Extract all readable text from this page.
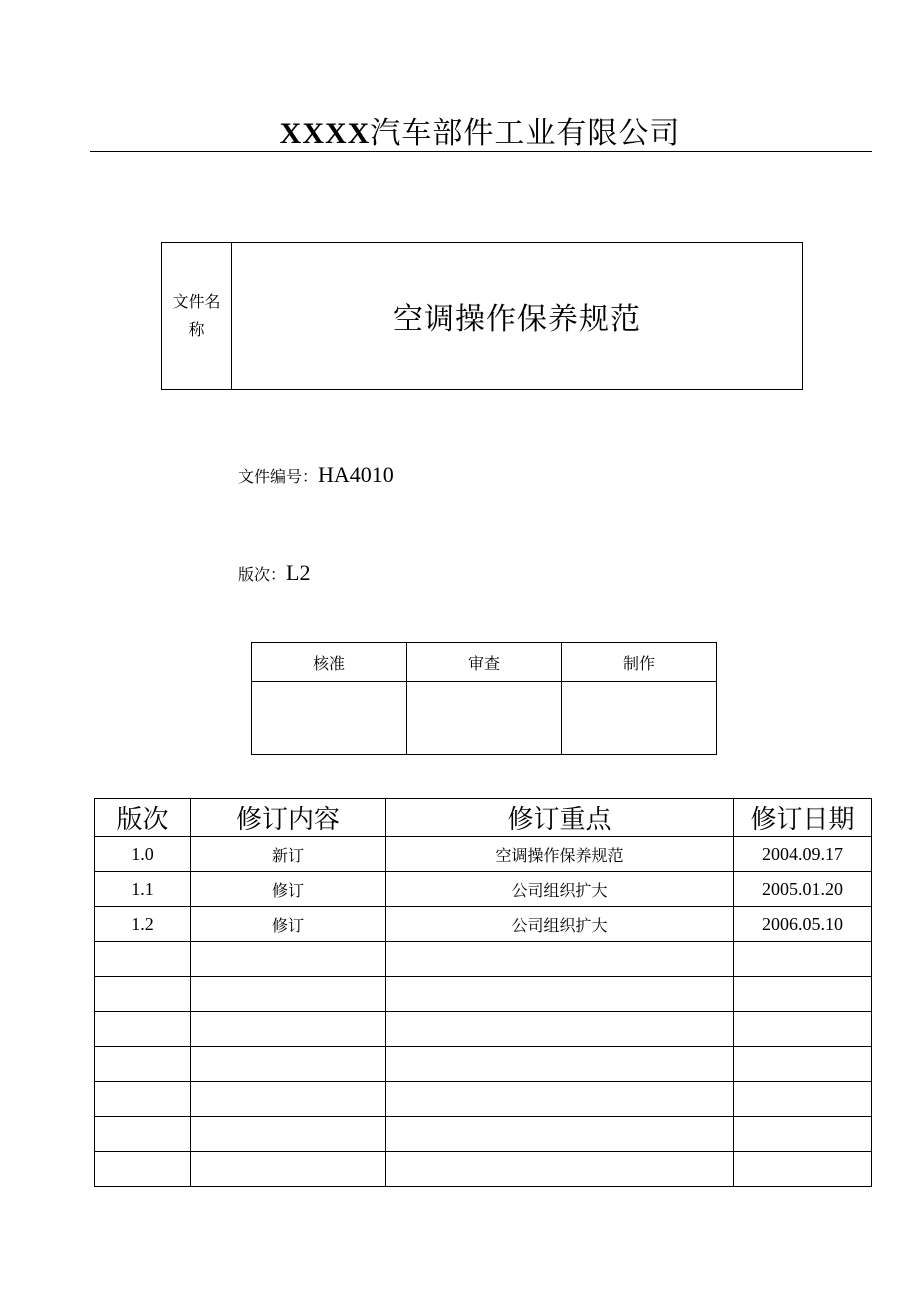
XXXX汽车部件工业有限公司
文件名
称	空调操作保养规范
文件编号：HA4010
版次：L2
核准	审查	制作

版次	修订内容	修订重点	修订日期
1.0	新订	空调操作保养规范	2004.09.17
1.1	修订	公司组织扩大	2005.01.20
1.2	修订	公司组织扩大	2006.05.10
